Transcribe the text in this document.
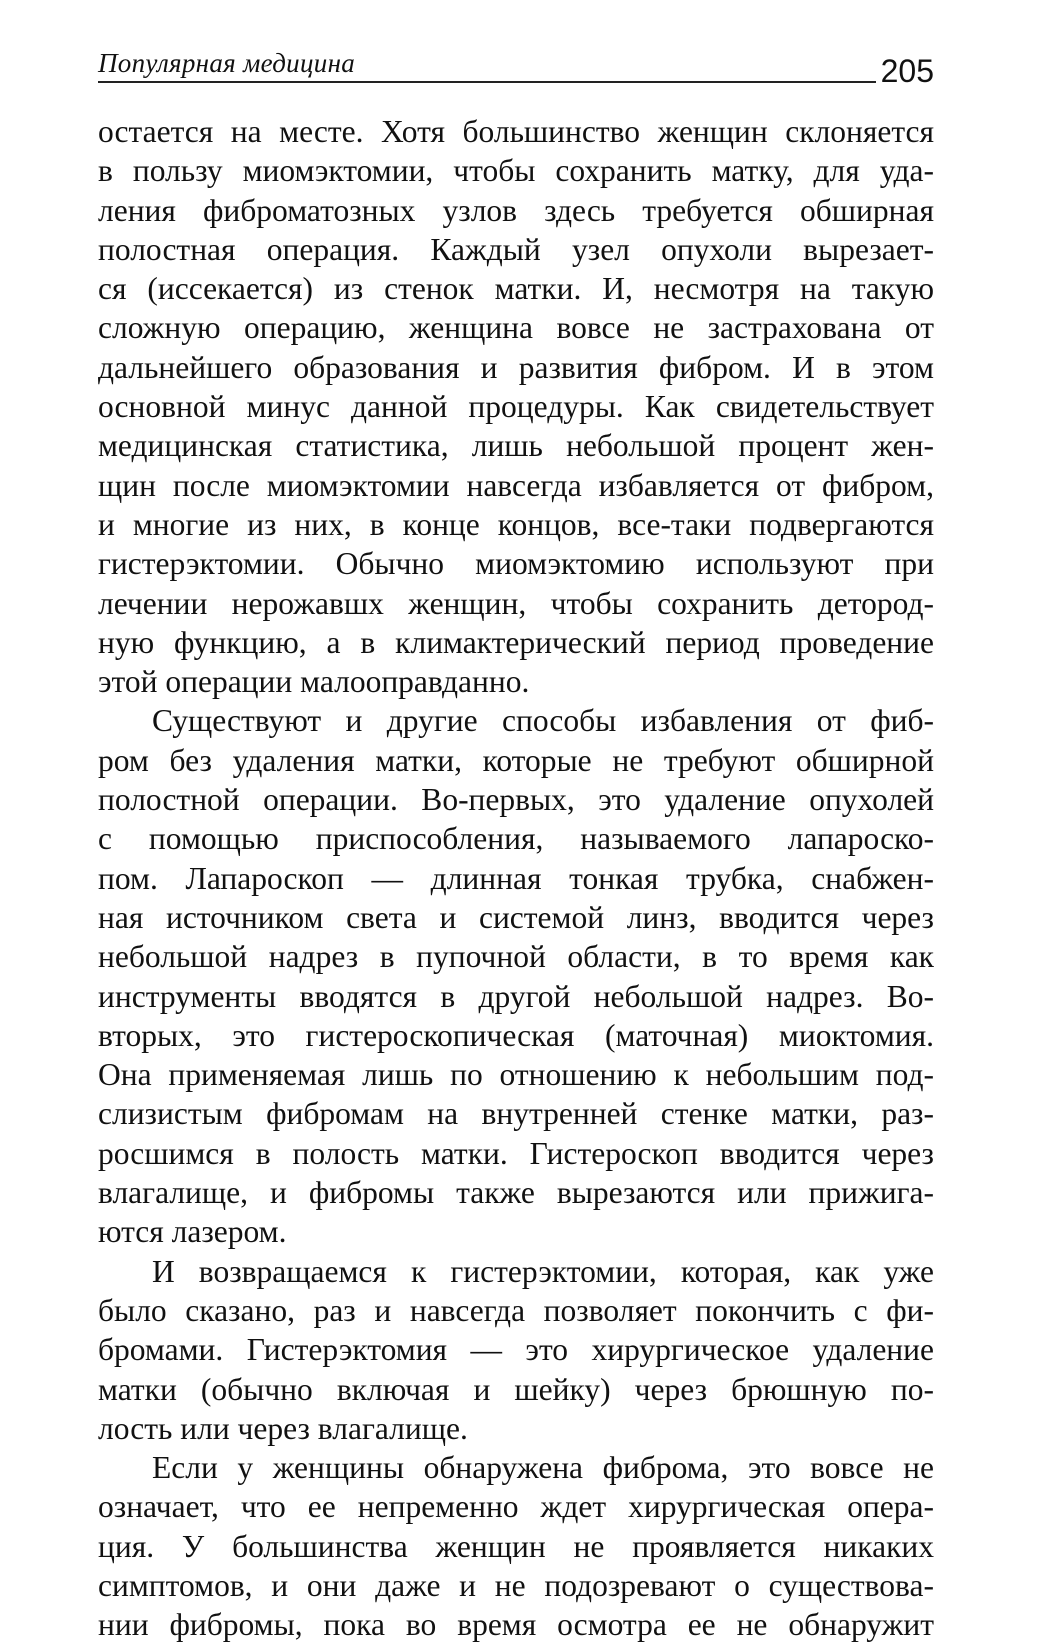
Популярная медицина	205
остается на месте. Хотя большинство женщин склоняется
в пользу миомэктомии, чтобы сохранить матку, для уда-
ления фиброматозных узлов здесь требуется обширная
полостная операция. Каждый узел опухоли вырезает-
ся (иссекается) из стенок матки. И, несмотря на такую
сложную операцию, женщина вовсе не застрахована от
дальнейшего образования и развития фибром. И в этом
основной минус данной процедуры. Как свидетельствует
медицинская статистика, лишь небольшой процент жен-
щин после миомэктомии навсегда избавляется от фибром,
и многие из них, в конце концов, все-таки подвергаются
гистерэктомии. Обычно миомэктомию используют при
лечении нерожавшх женщин, чтобы сохранить детород-
ную функцию, а в климактерический период проведение
этой операции малооправданно.
Существуют и другие способы избавления от фиб-
ром без удаления матки, которые не требуют обширной
полостной операции. Во-первых, это удаление опухолей
с помощью приспособления, называемого лапароско-
пом. Лапароскоп — длинная тонкая трубка, снабжен-
ная источником света и системой линз, вводится через
небольшой надрез в пупочной области, в то время как
инструменты вводятся в другой небольшой надрез. Во-
вторых, это гистероскопическая (маточная) миоктомия.
Она применяемая лишь по отношению к небольшим под-
слизистым фибромам на внутренней стенке матки, раз-
росшимся в полость матки. Гистероскоп вводится через
влагалище, и фибромы также вырезаются или прижига-
ются лазером.
И возвращаемся к гистерэктомии, которая, как уже
было сказано, раз и навсегда позволяет покончить с фи-
бромами. Гистерэктомия — это хирургическое удаление
матки (обычно включая и шейку) через брюшную по-
лость или через влагалище.
Если у женщины обнаружена фиброма, это вовсе не
означает, что ее непременно ждет хирургическая опера-
ция. У большинства женщин не проявляется никаких
симптомов, и они даже и не подозревают о существова-
нии фибромы, пока во время осмотра ее не обнаружит
